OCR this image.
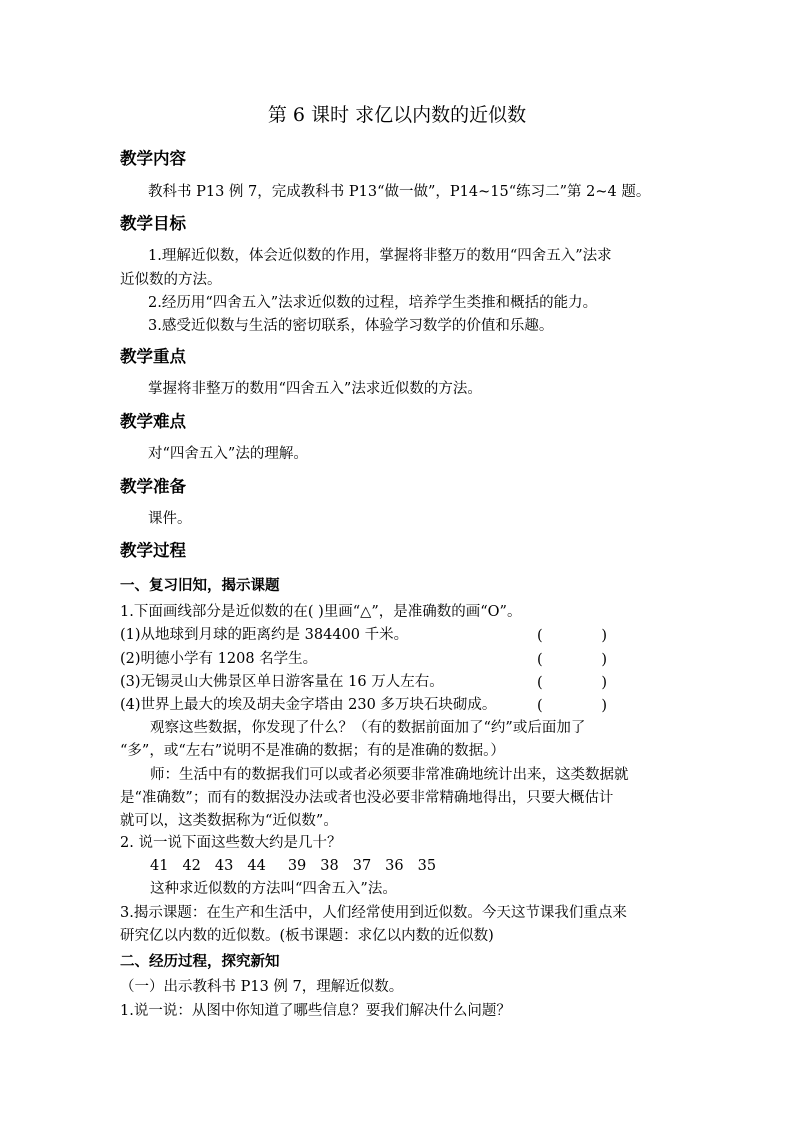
第 6 课时 求亿以内数的近似数
教学内容
教科书 P13 例 7，完成教科书 P13“做一做”，P14~15“练习二”第 2~4 题。
教学目标
1.理解近似数，体会近似数的作用，掌握将非整万的数用“四舍五入”法求
近似数的方法。
2.经历用“四舍五入”法求近似数的过程，培养学生类推和概括的能力。
3.感受近似数与生活的密切联系，体验学习数学的价值和乐趣。
教学重点
掌握将非整万的数用“四舍五入”法求近似数的方法。
教学难点
对“四舍五入”法的理解。
教学准备
课件。
教学过程
一、复习旧知，揭示课题
1.下面画线部分是近似数的在( )里画“△”，是准确数的画“O”。
(1)从地球到月球的距离约是 384400 千米。	(	)
(2)明德小学有 1208 名学生。	(	)
(3)无锡灵山大佛景区单日游客量在 16 万人左右。	(	)
(4)世界上最大的埃及胡夫金字塔由 230 多万块石块砌成。	(	)
观察这些数据，你发现了什么？（有的数据前面加了“约”或后面加了
“多”，或“左右”说明不是准确的数据；有的是准确的数据。）
师：生活中有的数据我们可以或者必须要非常准确地统计出来，这类数据就
是“准确数”；而有的数据没办法或者也没必要非常精确地得出，只要大概估计
就可以，这类数据称为“近似数”。
2. 说一说下面这些数大约是几十？
41 42 43 44 39 38 37 36 35
这种求近似数的方法叫“四舍五入”法。
3.揭示课题：在生产和生活中，人们经常使用到近似数。今天这节课我们重点来
研究亿以内数的近似数。(板书课题：求亿以内数的近似数)
二、经历过程，探究新知
（一）出示教科书 P13 例 7，理解近似数。
1.说一说：从图中你知道了哪些信息？要我们解决什么问题？
